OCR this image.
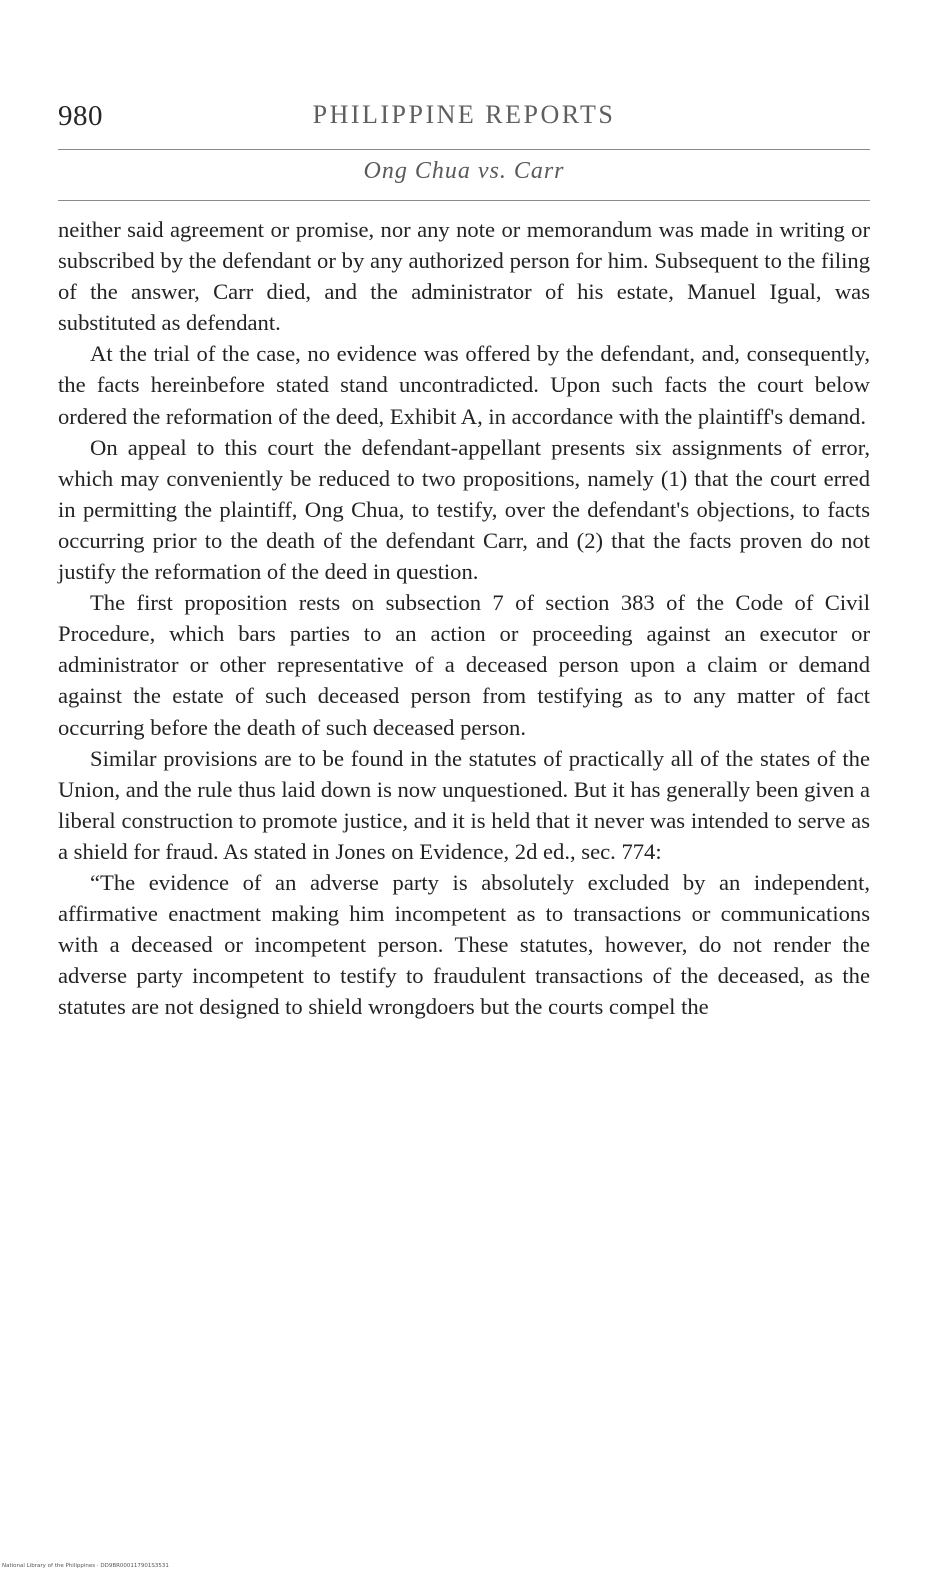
980	PHILIPPINE REPORTS
Ong Chua vs. Carr

neither said agreement or promise, nor any note or memorandum was made in writing or subscribed by the defendant or by any authorized person for him. Subsequent to the filing of the answer, Carr died, and the administrator of his estate, Manuel Igual, was substituted as defendant.

At the trial of the case, no evidence was offered by the defendant, and, consequently, the facts hereinbefore stated stand uncontradicted. Upon such facts the court below ordered the reformation of the deed, Exhibit A, in accordance with the plaintiff's demand.

On appeal to this court the defendant-appellant presents six assignments of error, which may conveniently be reduced to two propositions, namely (1) that the court erred in permitting the plaintiff, Ong Chua, to testify, over the defendant's objections, to facts occurring prior to the death of the defendant Carr, and (2) that the facts proven do not justify the reformation of the deed in question.

The first proposition rests on subsection 7 of section 383 of the Code of Civil Procedure, which bars parties to an action or proceeding against an executor or administrator or other representative of a deceased person upon a claim or demand against the estate of such deceased person from testifying as to any matter of fact occurring before the death of such deceased person.

Similar provisions are to be found in the statutes of practically all of the states of the Union, and the rule thus laid down is now unquestioned. But it has generally been given a liberal construction to promote justice, and it is held that it never was intended to serve as a shield for fraud. As stated in Jones on Evidence, 2d ed., sec. 774:

“The evidence of an adverse party is absolutely excluded by an independent, affirmative enactment making him incompetent as to transactions or communications with a deceased or incompetent person. These statutes, however, do not render the adverse party incompetent to testify to fraudulent transactions of the deceased, as the statutes are not designed to shield wrongdoers but the courts compel the

National Library of the Philippines · DD9BR000117901S3531
